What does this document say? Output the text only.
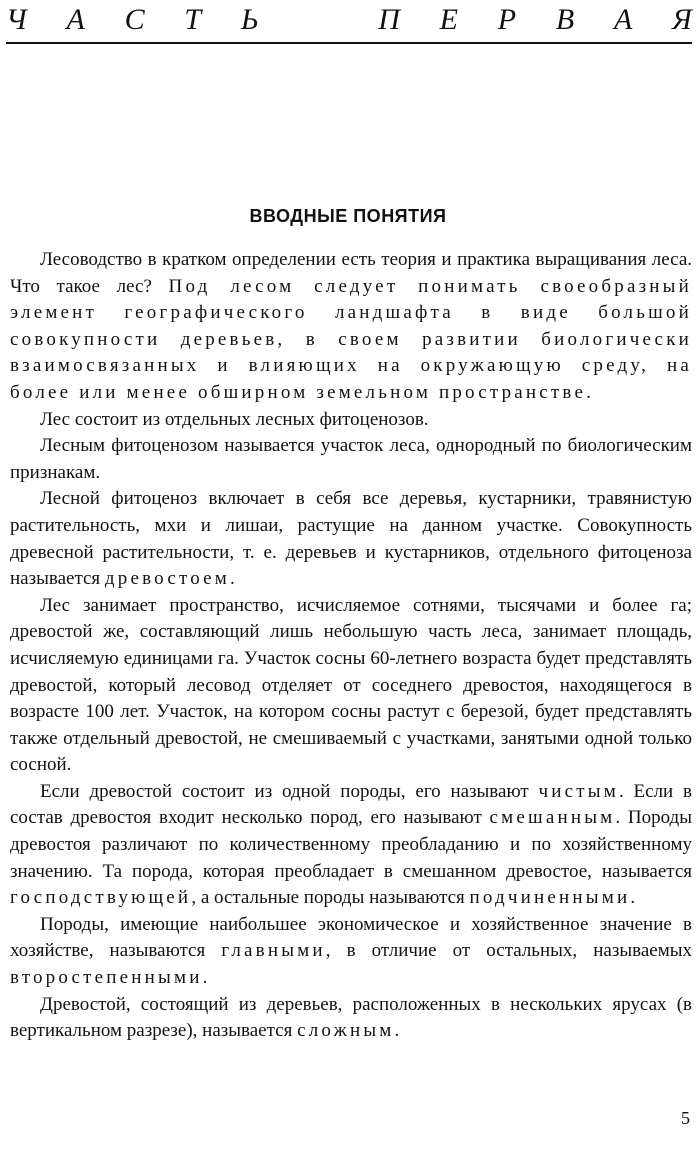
Ч А С Т Ь	П Е Р В А Я
ВВОДНЫЕ ПОНЯТИЯ

Лесоводство в кратком определении есть теория и практика выращивания леса. Что такое лес? Под лесом следует понимать своеобразный элемент географического ландшафта в виде большой совокупности деревьев, в своем развитии биологически взаимосвязанных и влияющих на окружающую среду, на более или менее обширном земельном пространстве.

Лес состоит из отдельных лесных фитоценозов.

Лесным фитоценозом называется участок леса, однородный по биологическим признакам.

Лесной фитоценоз включает в себя все деревья, кустарники, травянистую растительность, мхи и лишаи, растущие на данном участке. Совокупность древесной растительности, т. е. деревьев и кустарников, отдельного фитоценоза называется древостоем.

Лес занимает пространство, исчисляемое сотнями, тысячами и более га; древостой же, составляющий лишь небольшую часть леса, занимает площадь, исчисляемую единицами га. Участок сосны 60-летнего возраста будет представлять древостой, который лесовод отделяет от соседнего древостоя, находящегося в возрасте 100 лет. Участок, на котором сосны растут с березой, будет представлять также отдельный древостой, не смешиваемый с участками, занятыми одной только сосной.

Если древостой состоит из одной породы, его называют чистым. Если в состав древостоя входит несколько пород, его называют смешанным. Породы древостоя различают по количественному преобладанию и по хозяйственному значению. Та порода, которая преобладает в смешанном древостое, называется господствующей, а остальные породы называются подчиненными.

Породы, имеющие наибольшее экономическое и хозяйственное значение в хозяйстве, называются главными, в отличие от остальных, называемых второстепенными.

Древостой, состоящий из деревьев, расположенных в нескольких ярусах (в вертикальном разрезе), называется сложным.

5
